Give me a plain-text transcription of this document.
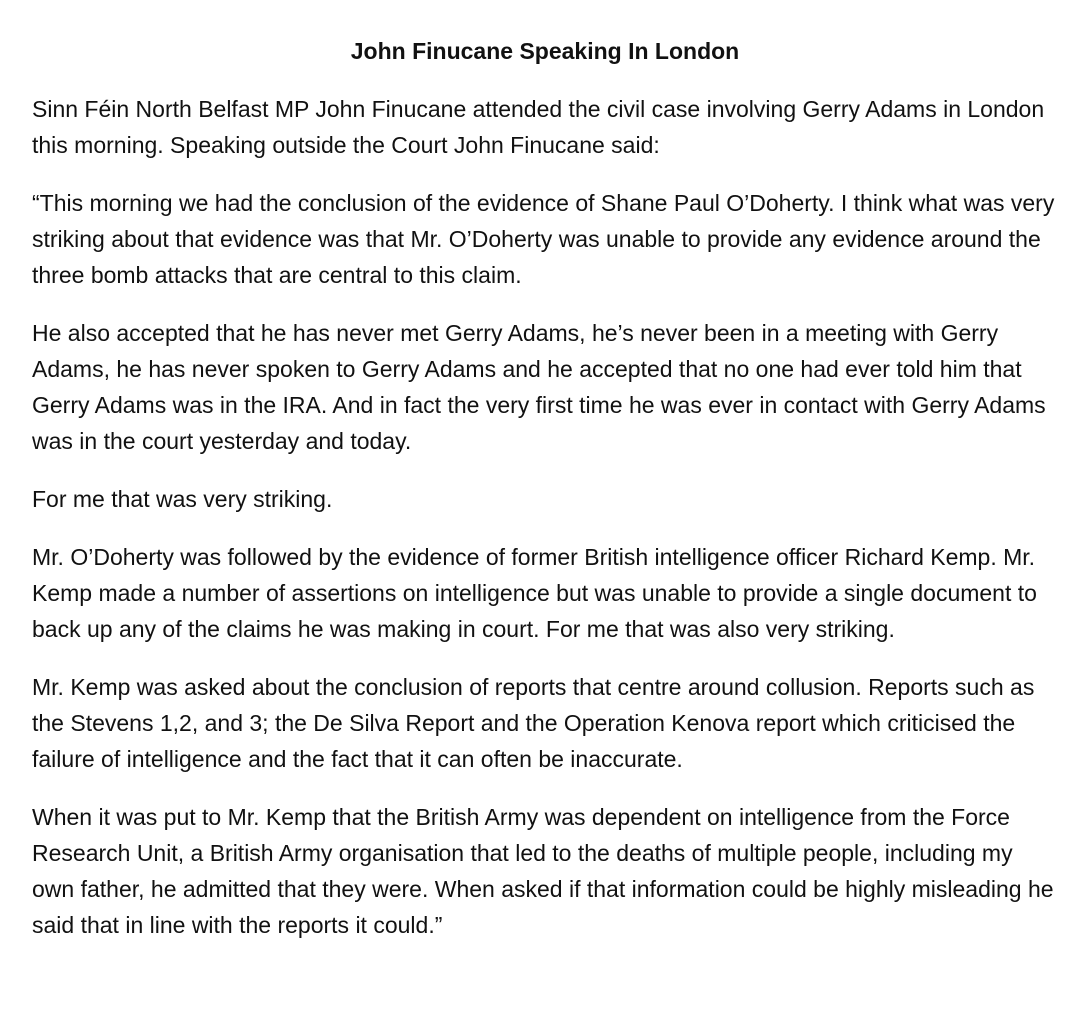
John Finucane Speaking In London

Sinn Féin North Belfast MP John Finucane attended the civil case involving Gerry Adams in London this morning. Speaking outside the Court John Finucane said:

“This morning we had the conclusion of the evidence of Shane Paul O’Doherty. I think what was very striking about that evidence was that Mr. O’Doherty was unable to provide any evidence around the three bomb attacks that are central to this claim.

He also accepted that he has never met Gerry Adams, he’s never been in a meeting with Gerry Adams, he has never spoken to Gerry Adams and he accepted that no one had ever told him that Gerry Adams was in the IRA. And in fact the very first time he was ever in contact with Gerry Adams was in the court yesterday and today.

For me that was very striking.

Mr. O’Doherty was followed by the evidence of former British intelligence officer Richard Kemp. Mr. Kemp made a number of assertions on intelligence but was unable to provide a single document to back up any of the claims he was making in court. For me that was also very striking.

Mr. Kemp was asked about the conclusion of reports that centre around collusion. Reports such as the Stevens 1,2, and 3; the De Silva Report and the Operation Kenova report which criticised the failure of intelligence and the fact that it can often be inaccurate.

When it was put to Mr. Kemp that the British Army was dependent on intelligence from the Force Research Unit, a British Army organisation that led to the deaths of multiple people, including my own father, he admitted that they were. When asked if that information could be highly misleading he said that in line with the reports it could.”
